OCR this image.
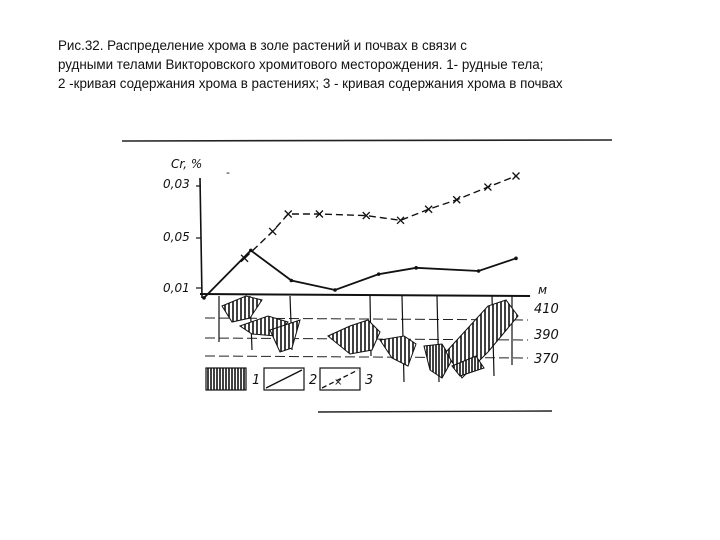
Рис.32. Распределение хрома в золе растений и почвах в связи с
рудными телами Викторовского хромитового месторождения. 1- рудные тела;
2 -кривая содержания хрома в растениях; 3 - кривая содержания хрома в почвах
Cr, %
0,03
0,05
0,01
-
м
410
390
370
1	2 × 3
